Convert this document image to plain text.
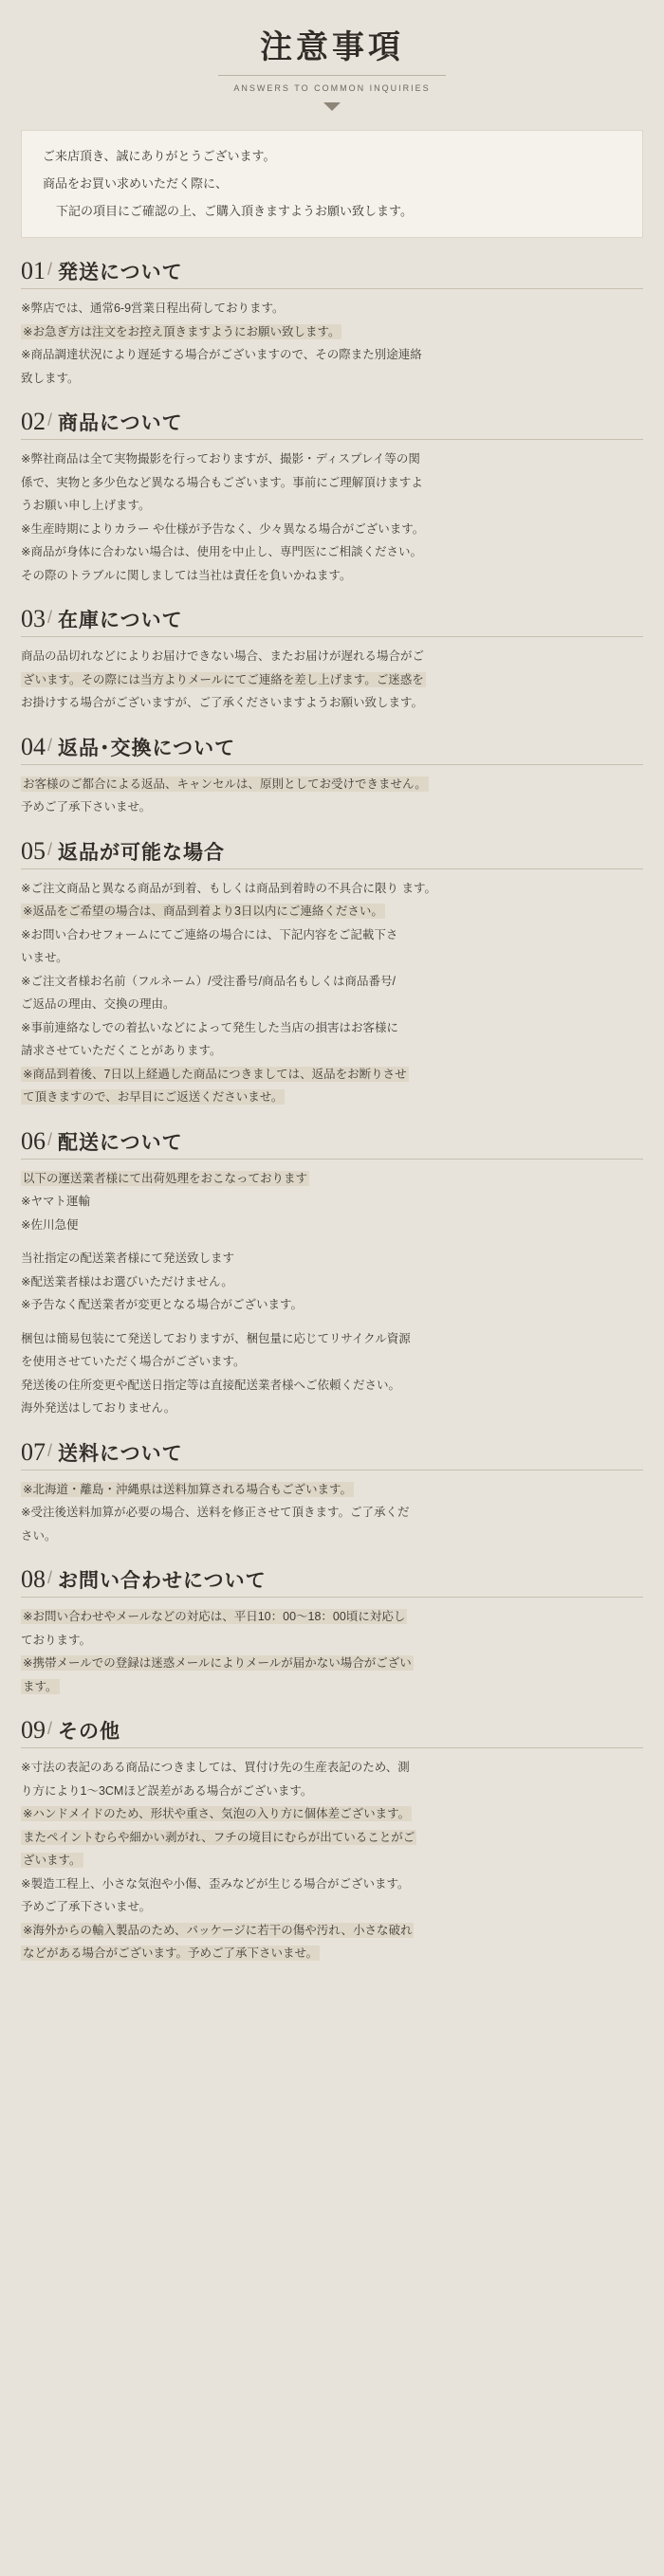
注意事項
ANSWERS TO COMMON INQUIRIES

ご来店頂き、誠にありがとうございます。

商品をお買い求めいただく際に、

下記の項目にご確認の上、ご購入頂きますようお願い致します。

01 / 発送について

※弊店では、通常6-9営業日程出荷しております。

※お急ぎ方は注文をお控え頂きますようにお願い致します。

※商品調達状況により遅延する場合がございますので、その際また別途連絡

致します。

02 / 商品について

※弊社商品は全て実物撮影を行っておりますが、撮影・ディスプレイ等の関

係で、実物と多少色など異なる場合もございます。事前にご理解頂けますよ

うお願い申し上げます。

※生産時期によりカラー や仕様が予告なく、少々異なる場合がございます。

※商品が身体に合わない場合は、使用を中止し、専門医にご相談ください。

その際のトラブルに関しましては当社は責任を負いかねます。

03 / 在庫について

商品の品切れなどによりお届けできない場合、またお届けが遅れる場合がご

ざいます。その際には当方よりメールにてご連絡を差し上げます。ご迷惑を

お掛けする場合がございますが、ご了承くださいますようお願い致します。

04 / 返品･交換について

お客様のご都合による返品、キャンセルは、原則としてお受けできません。

予めご了承下さいませ。

05 / 返品が可能な場合

※ご注文商品と異なる商品が到着、もしくは商品到着時の不具合に限り ます。

※返品をご希望の場合は、商品到着より3日以内にご連絡ください。

※お問い合わせフォームにてご連絡の場合には、下記内容をご記載下さ

いませ。

※ご注文者様お名前（フルネーム）/受注番号/商品名もしくは商品番号/

ご返品の理由、交換の理由。

※事前連絡なしでの着払いなどによって発生した当店の損害はお客様に

請求させていただくことがあります。

※商品到着後、7日以上経過した商品につきましては、返品をお断りさせ

て頂きますので、お早目にご返送くださいませ。

06 / 配送について

以下の運送業者様にて出荷処理をおこなっております

※ヤマト運輸

※佐川急便

当社指定の配送業者様にて発送致します

※配送業者様はお選びいただけません。

※予告なく配送業者が変更となる場合がございます。

梱包は簡易包装にて発送しておりますが、梱包量に応じてリサイクル資源

を使用させていただく場合がございます。

発送後の住所変更や配送日指定等は直接配送業者様へご依頼ください。

海外発送はしておりません。

07 / 送料について

※北海道・離島・沖縄県は送料加算される場合もございます。

※受注後送料加算が必要の場合、送料を修正させて頂きます。ご了承くだ

さい。

08 / お問い合わせについて

※お問い合わせやメールなどの対応は、平日10：00〜18：00頃に対応し

ております。

※携帯メールでの登録は迷惑メールによりメールが届かない場合がござい

ます。

09 / その他

※寸法の表記のある商品につきましては、買付け先の生産表記のため、測

り方により1〜3CMほど誤差がある場合がございます。

※ハンドメイドのため、形状や重さ、気泡の入り方に個体差ございます。

またペイントむらや細かい剥がれ、フチの境目にむらが出ていることがご

ざいます。

※製造工程上、小さな気泡や小傷、歪みなどが生じる場合がございます。

予めご了承下さいませ。

※海外からの輸入製品のため、パッケージに若干の傷や汚れ、小さな破れ

などがある場合がございます。予めご了承下さいませ。
